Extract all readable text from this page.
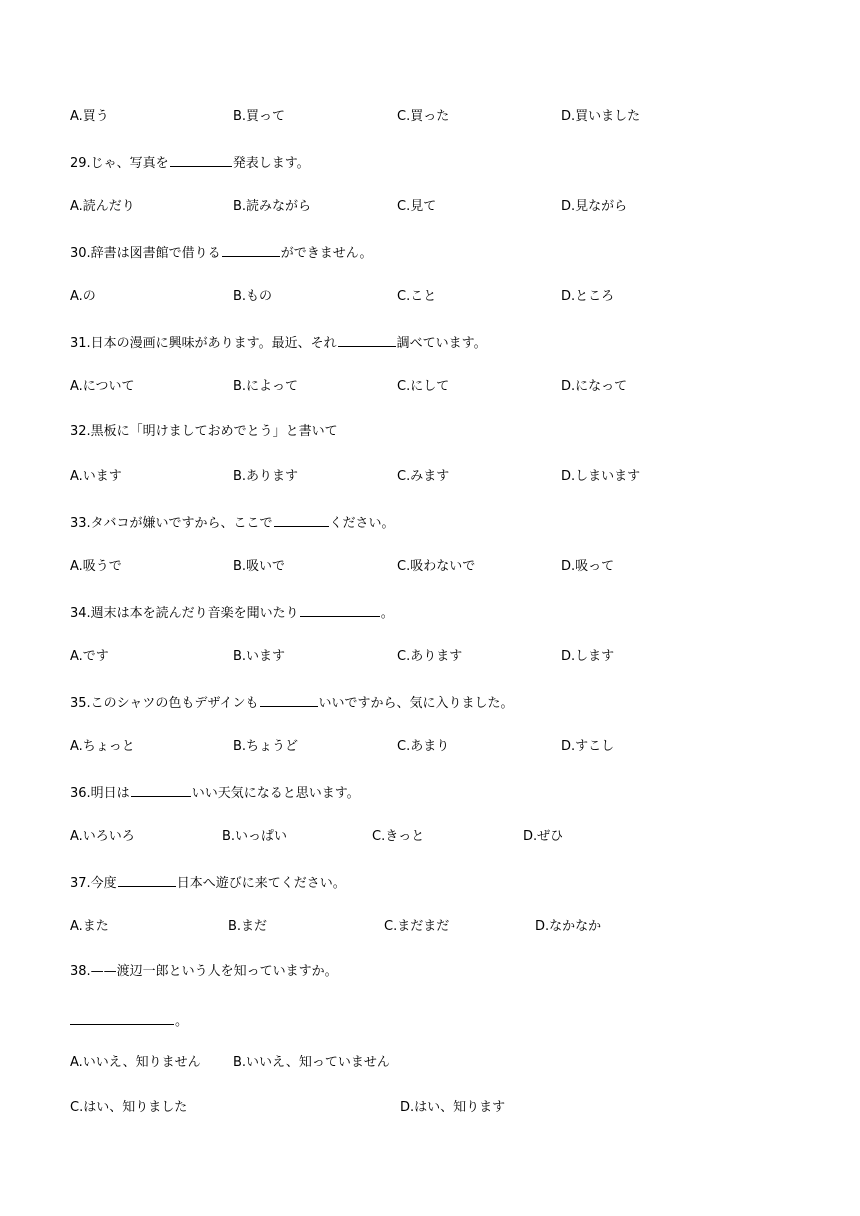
A.買う	B.買って	C.買った	D.買いました
29.じゃ、写真を	発表します。
A.読んだり	B.読みながら	C.見て	D.見ながら
30.辞書は図書館で借りる	ができません。
A.の	B.もの	C.こと	D.ところ
31.日本の漫画に興味があります。最近、それ	調べています。
A.について	B.によって	C.にして	D.になって
32.黒板に「明けましておめでとう」と書いて
A.います	B.あります	C.みます	D.しまいます
33.タバコが嫌いですから、ここで	ください。
A.吸うで	B.吸いで	C.吸わないで	D.吸って
34.週末は本を読んだり音楽を聞いたり	。
A.です	B.います	C.あります	D.します
35.このシャツの色もデザインも	いいですから、気に入りました。
A.ちょっと	B.ちょうど	C.あまり	D.すこし
36.明日は	いい天気になると思います。
A.いろいろ	B.いっぱい	C.きっと	D.ぜひ
37.今度	日本へ遊びに来てください。
A.また	B.まだ	C.まだまだ	D.なかなか
38.——渡辺一郎という人を知っていますか。
。
A.いいえ、知りません B.いいえ、知っていません
C.はい、知りました	D.はい、知ります
